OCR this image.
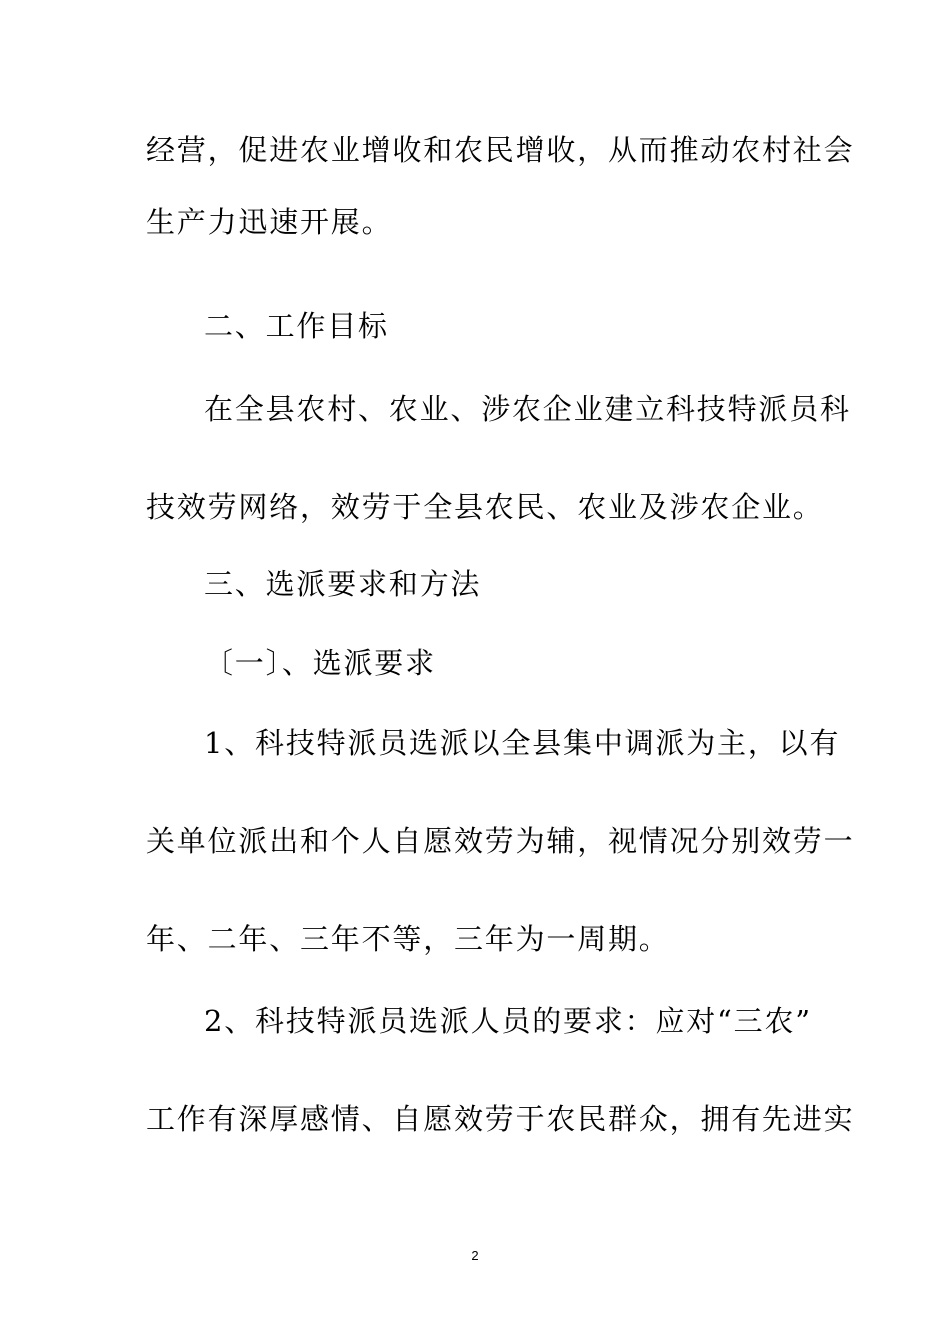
经营，促进农业增收和农民增收，从而推动农村社会
生产力迅速开展。
二、工作目标
在全县农村、农业、涉农企业建立科技特派员科
技效劳网络，效劳于全县农民、农业及涉农企业。
三、选派要求和方法
〔一〕、选派要求
1、科技特派员选派以全县集中调派为主，以有
关单位派出和个人自愿效劳为辅，视情况分别效劳一
年、二年、三年不等，三年为一周期。
2、科技特派员选派人员的要求：应对“三农”
工作有深厚感情、自愿效劳于农民群众，拥有先进实
2
